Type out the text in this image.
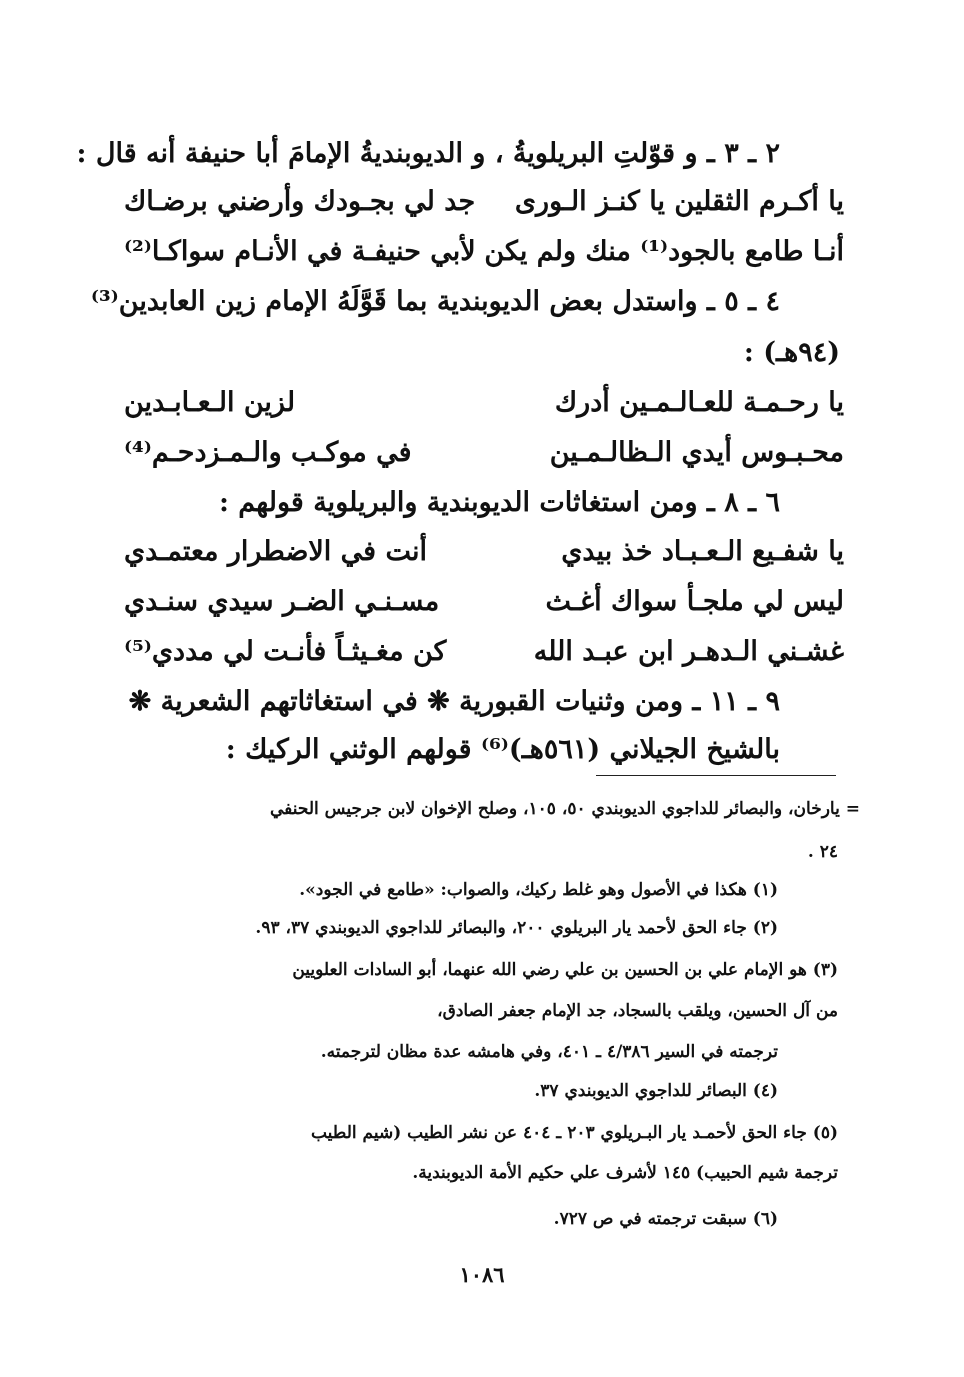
٢ ـ ٣ ـ و قوّلتِ البريلويةُ ، و الديوبنديةُ الإمامَ أبا حنيفة أنه قال :
يا أكـرم الثقلين يا كنـز الـورى
جد لي بجـودك وأرضني برضـاك
أنـا طامع بالجود⁽¹⁾ منك ولم يكن
لأبي حنيفـة في الأنـام سواكـا⁽²⁾
٤ ـ ٥ ـ واستدل بعض الديوبندية بما قَوَّلَهُ الإمام زين العابدين⁽³⁾
(٩٤هـ) :
يا رحـمـة للعـالـمـين أدرك
لزين الـعـابـدين
محـبـوس أيدي الـظالـمـين
في موكـب والـمـزدحـم⁽⁴⁾
٦ ـ ٨ ـ ومن استغاثات الديوبندية والبريلوية قولهم :
يا شفـيع الـعـبـاد خذ بيدي
أنت في الاضطرار معتمـدي
ليس لي ملجـأ سواك أغـث
مسـنـي الضـر سيدي سنـدي
غشـني الـدهـر ابن عبـد الله
كن مغـيثـاً فأنـت لي مددي⁽⁵⁾
٩ ـ ١١ ـ ومن وثنيات القبورية ❋ في استغاثاتهم الشعرية ❋
بالشيخ الجيلاني (٥٦١هـ)⁽⁶⁾ قولهم الوثني الركيك :
= يارخان، والبصائر للداجوي الديوبندي ٥٠، ١٠٥، وصلح الإخوان لابن جرجيس الحنفي
٢٤ .
(١) هكذا في الأصول وهو غلط ركيك، والصواب: «طامع في الجود».
(٢) جاء الحق لأحمد يار البريلوي ٢٠٠، والبصائر للداجوي الديوبندي ٣٧، ٩٣.
(٣) هو الإمام علي بن الحسين بن علي رضي الله عنهما، أبو السادات العلويين
من آل الحسين، ويلقب بالسجاد، جد الإمام جعفر الصادق،
ترجمته في السير ٤/٣٨٦ ـ ٤٠١، وفي هامشه عدة مظان لترجمته.
(٤) البصائر للداجوي الديوبندي ٣٧.
(٥) جاء الحق لأحمـد يار البـريلوي ٢٠٣ ـ ٤٠٤ عن نشر الطيب (شيم الطيب
ترجمة شيم الحبيب) ١٤٥ لأشرف علي حكيم الأمة الديوبندية.
(٦) سبقت ترجمته في ص ٧٢٧.
١٠٨٦
